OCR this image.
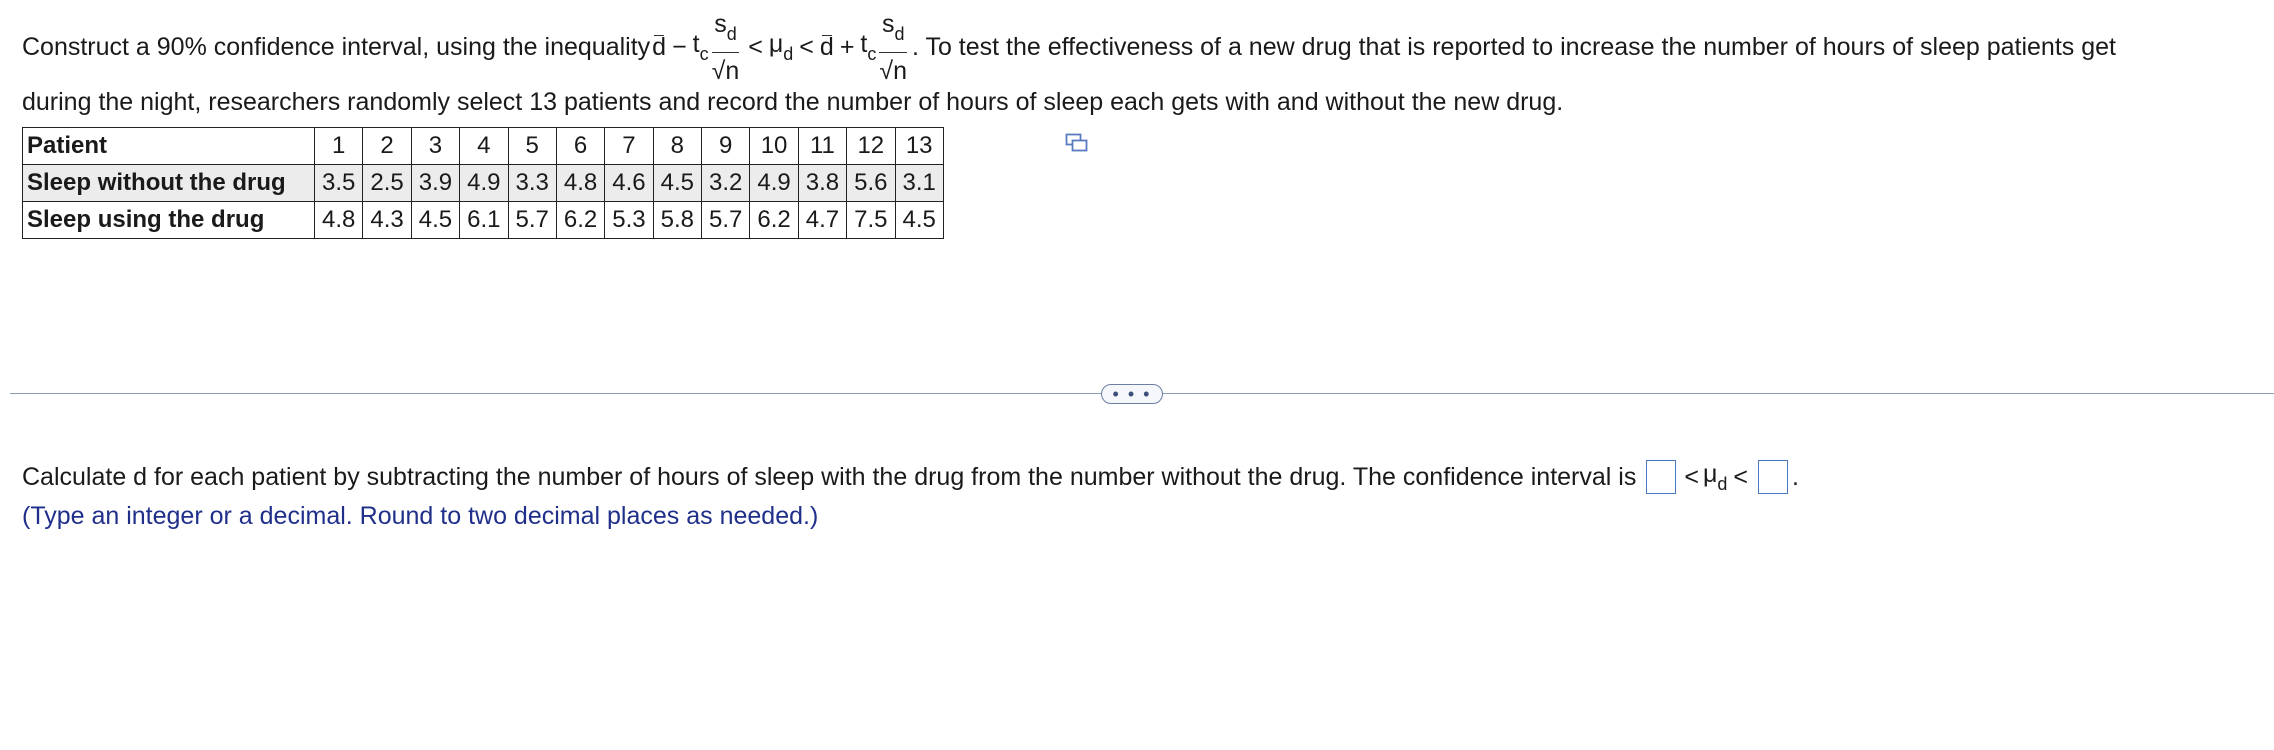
Construct a 90% confidence interval, using the inequality $d - t_c \frac{s_d}{√n} < \mu_d < d + t_c \frac{s_d}{√n}$ . To test the effectiveness of a new drug that is reported to increase the number of hours of sleep patients get
during the night, researchers randomly select 13 patients and record the number of hours of sleep each gets with and without the new drug.
Patient	1	2	3	4	5	6	7	8	9	10	11	12	13
Sleep without the drug	3.5	2.5	3.9	4.9	3.3	4.8	4.6	4.5	3.2	4.9	3.8	5.6	3.1
Sleep using the drug	4.8	4.3	4.5	6.1	5.7	6.2	5.3	5.8	5.7	6.2	4.7	7.5	4.5
• • •
Calculate d for each patient by subtracting the number of hours of sleep with the drug from the number without the drug. The confidence interval is < $\mu_d$ < .
(Type an integer or a decimal. Round to two decimal places as needed.)
